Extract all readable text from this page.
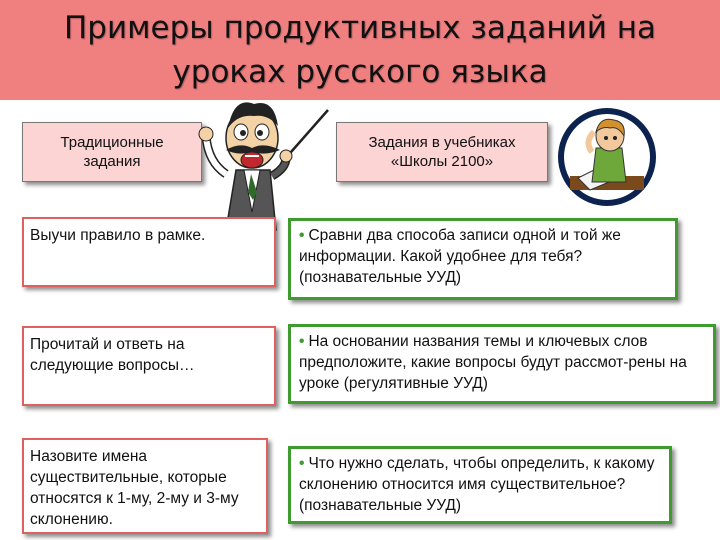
Примеры продуктивных заданий на
уроках русского языка
Традиционные задания
Задания в учебниках «Школы 2100»
Выучи правило в рамке.	• Сравни два способа записи одной и той же информации. Какой удобнее для тебя? (познавательные УУД)
Прочитай и ответь на следующие вопросы…
• На основании названия темы и ключевых слов предположите, какие вопросы будут рассмот-рены на уроке (регулятивные УУД)
Назовите имена существительные, которые относятся к 1-му, 2-му и 3-му склонению.
• Что нужно сделать, чтобы определить, к какому склонению относится имя существительное? (познавательные УУД)
